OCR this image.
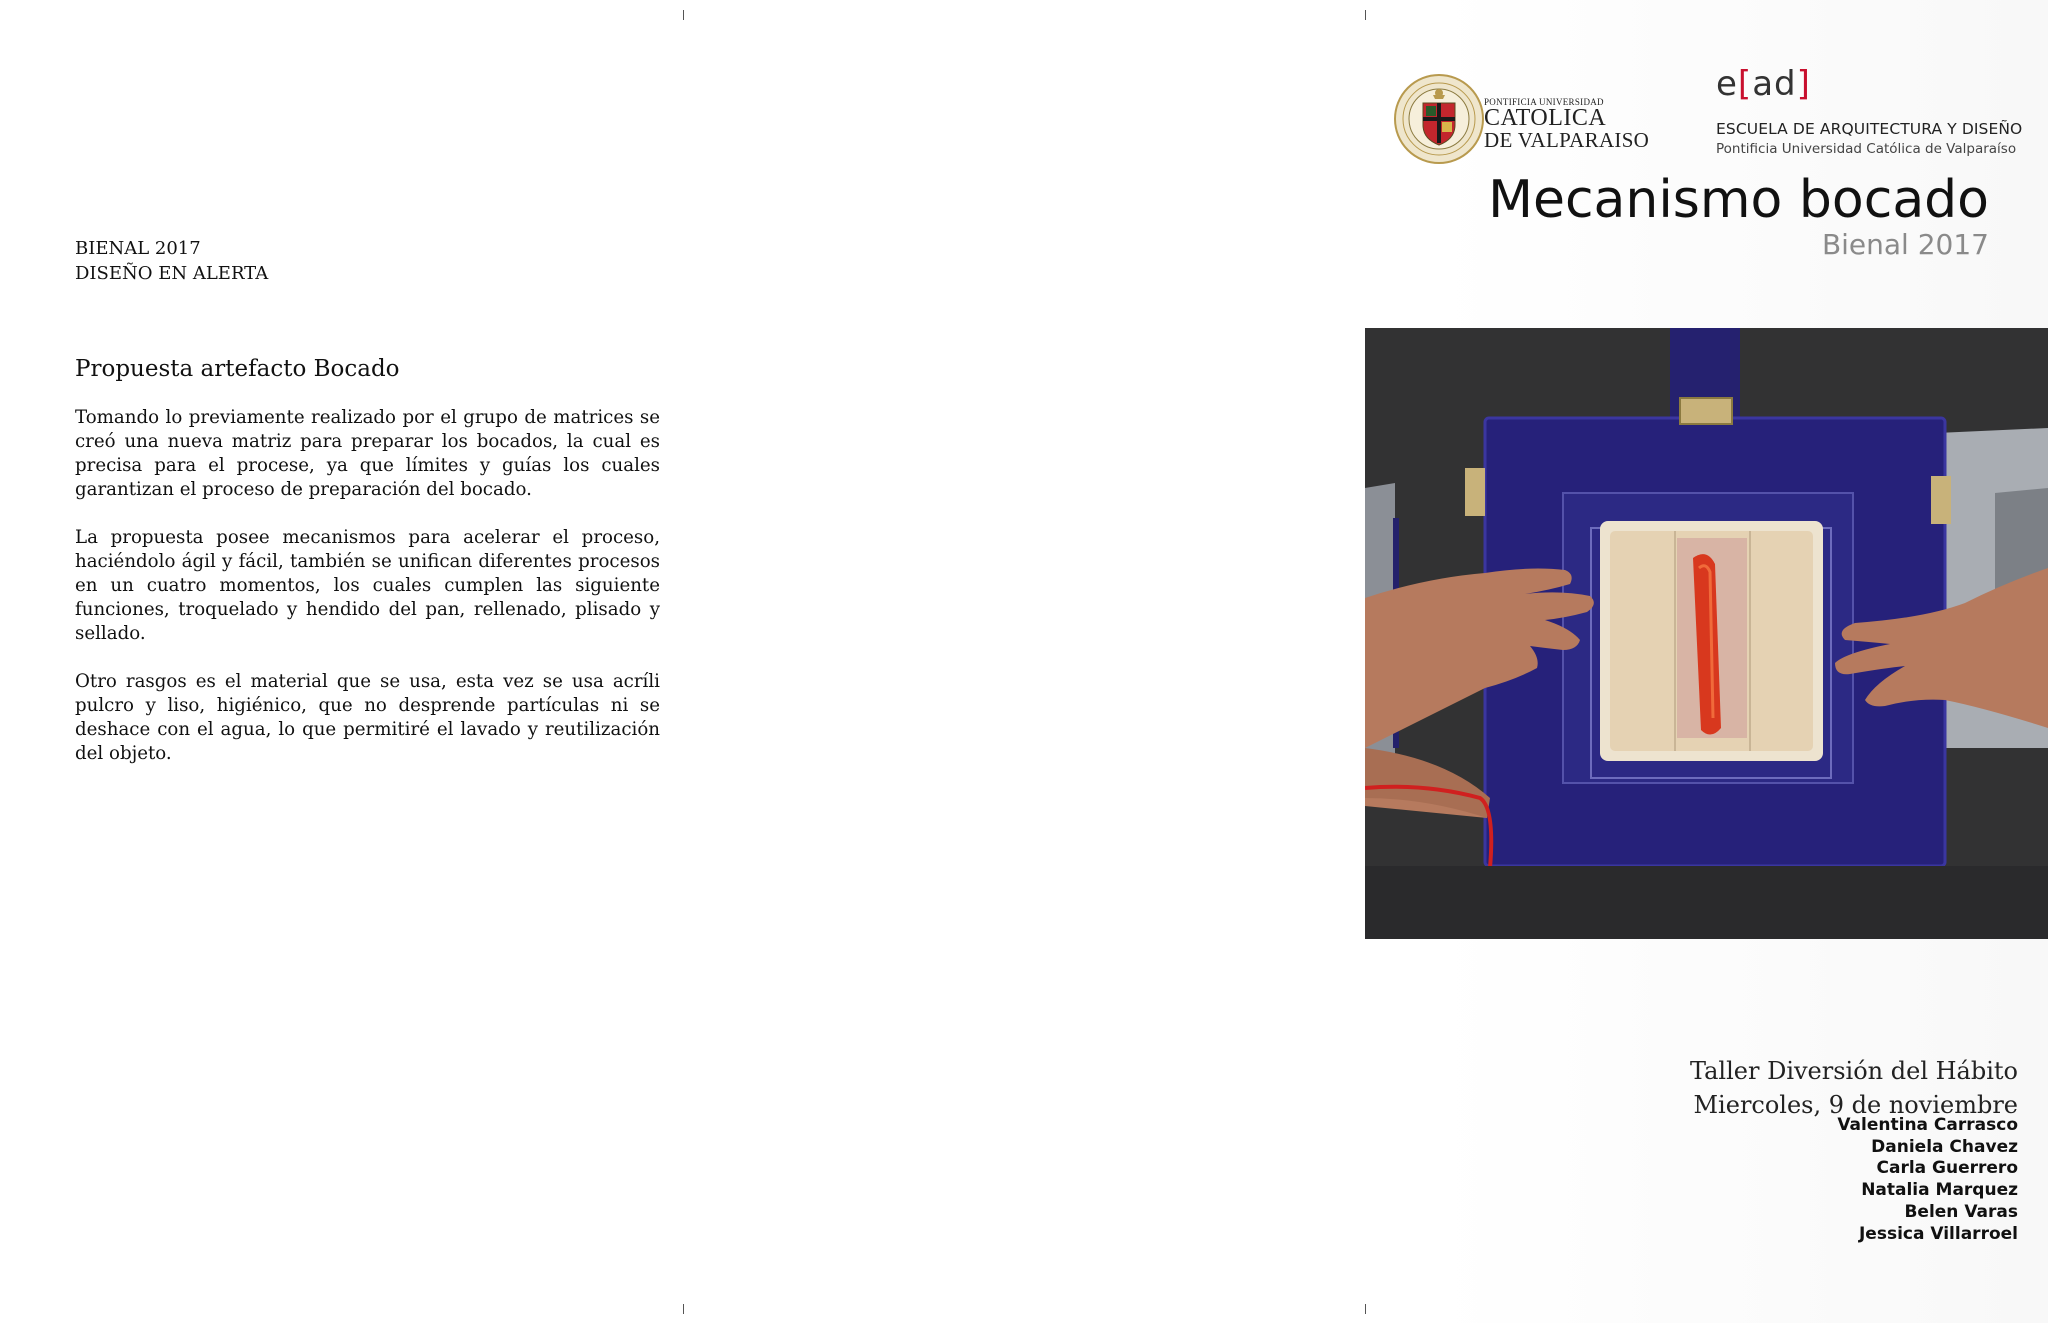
BIENAL 2017
DISEÑO EN ALERTA
Propuesta artefacto Bocado

Tomando lo previamente realizado por el grupo de matrices se creó una nueva matriz para preparar los bocados, la cual es precisa para el procese, ya que límites y guías los cuales garantizan el proceso de preparación del bocado.

La propuesta posee mecanismos para acelerar el proceso, haciéndolo ágil y fácil, también se unifican diferentes procesos en un cuatro momentos, los cuales cumplen las siguiente funciones, troquelado y hendido del pan, rellenado, plisado y sellado.

Otro rasgos es el material que se usa, esta vez se usa acríli pulcro y liso, higiénico, que no desprende partículas ni se deshace con el agua, lo que permitiré el lavado y reutilización del objeto.

PONTIFICIA UNIVERSIDAD
CATOLICA
DE VALPARAISO
e[ad]
ESCUELA DE ARQUITECTURA Y DISEÑO
Pontificia Universidad Católica de Valparaíso
Mecanismo bocado
Bienal 2017
Taller Diversión del Hábito
Miercoles, 9 de noviembre
Valentina Carrasco
Daniela Chavez
Carla Guerrero
Natalia Marquez
Belen Varas
Jessica Villarroel
